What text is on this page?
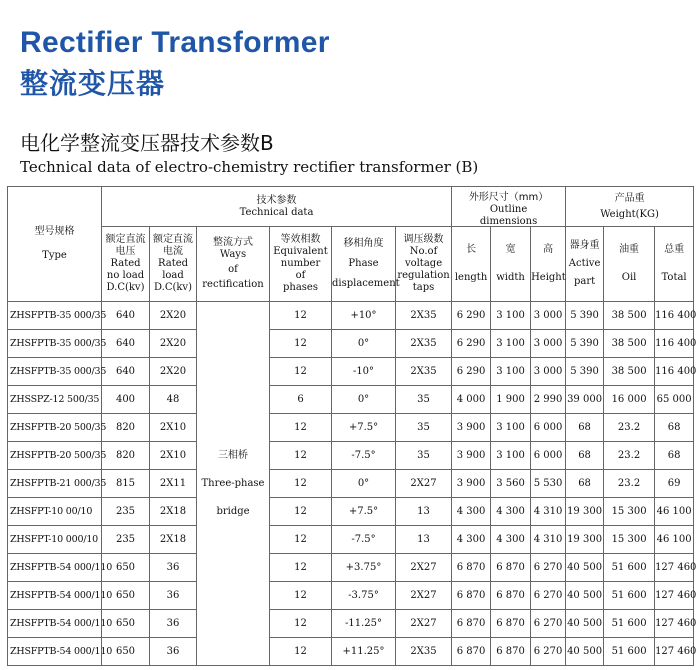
Rectifier Transformer
整流变压器
电化学整流变压器技术参数B
Technical data of electro-chemistry rectifier transformer (B)
型号规格
Type	技术参数
Technical data						外形尺寸（mm）
Outline
dimensions			产品重
Weight(KG)		

	额定直流
电压
Rated
no load
D.C(kv)	额定直流
电流
Rated
load
D.C(kv)	整流方式
Ways
of
rectification	等效相数
Equivalent
number
of
phases	移相角度
Phase
displacement	调压级数
No.of
voltage
regulation
taps	长
length	宽
width	高
Height	器身重
Active
part	油重
Oil	总重
Total

ZHSFPTB-35 000/35	640	2X20	三相桥
Three-phase
bridge	12	+10°	2X35	6 290	3 100	3 000	5 390	38 500	116 400
ZHSFPTB-35 000/35	640	2X20		12	0°	2X35	6 290	3 100	3 000	5 390	38 500	116 400
ZHSFPTB-35 000/35	640	2X20		12	-10°	2X35	6 290	3 100	3 000	5 390	38 500	116 400
ZHSSPZ-12 500/35	400	48		6	0°	35	4 000	1 900	2 990	39 000	16 000	65 000
ZHSFPTB-20 500/35	820	2X10		12	+7.5°	35	3 900	3 100	6 000	68	23.2	68
ZHSFPTB-20 500/35	820	2X10		12	-7.5°	35	3 900	3 100	6 000	68	23.2	68
ZHSFPTB-21 000/35	815	2X11		12	0°	2X27	3 900	3 560	5 530	68	23.2	69
ZHSFPT-10 00/10	235	2X18		12	+7.5°	13	4 300	4 300	4 310	19 300	15 300	46 100
ZHSFPT-10 000/10	235	2X18		12	-7.5°	13	4 300	4 300	4 310	19 300	15 300	46 100
ZHSFPTB-54 000/110	650	36		12	+3.75°	2X27	6 870	6 870	6 270	40 500	51 600	127 460
ZHSFPTB-54 000/110	650	36		12	-3.75°	2X27	6 870	6 870	6 270	40 500	51 600	127 460
ZHSFPTB-54 000/110	650	36		12	-11.25°	2X27	6 870	6 870	6 270	40 500	51 600	127 460
ZHSFPTB-54 000/110	650	36		12	+11.25°	2X35	6 870	6 870	6 270	40 500	51 600	127 460
